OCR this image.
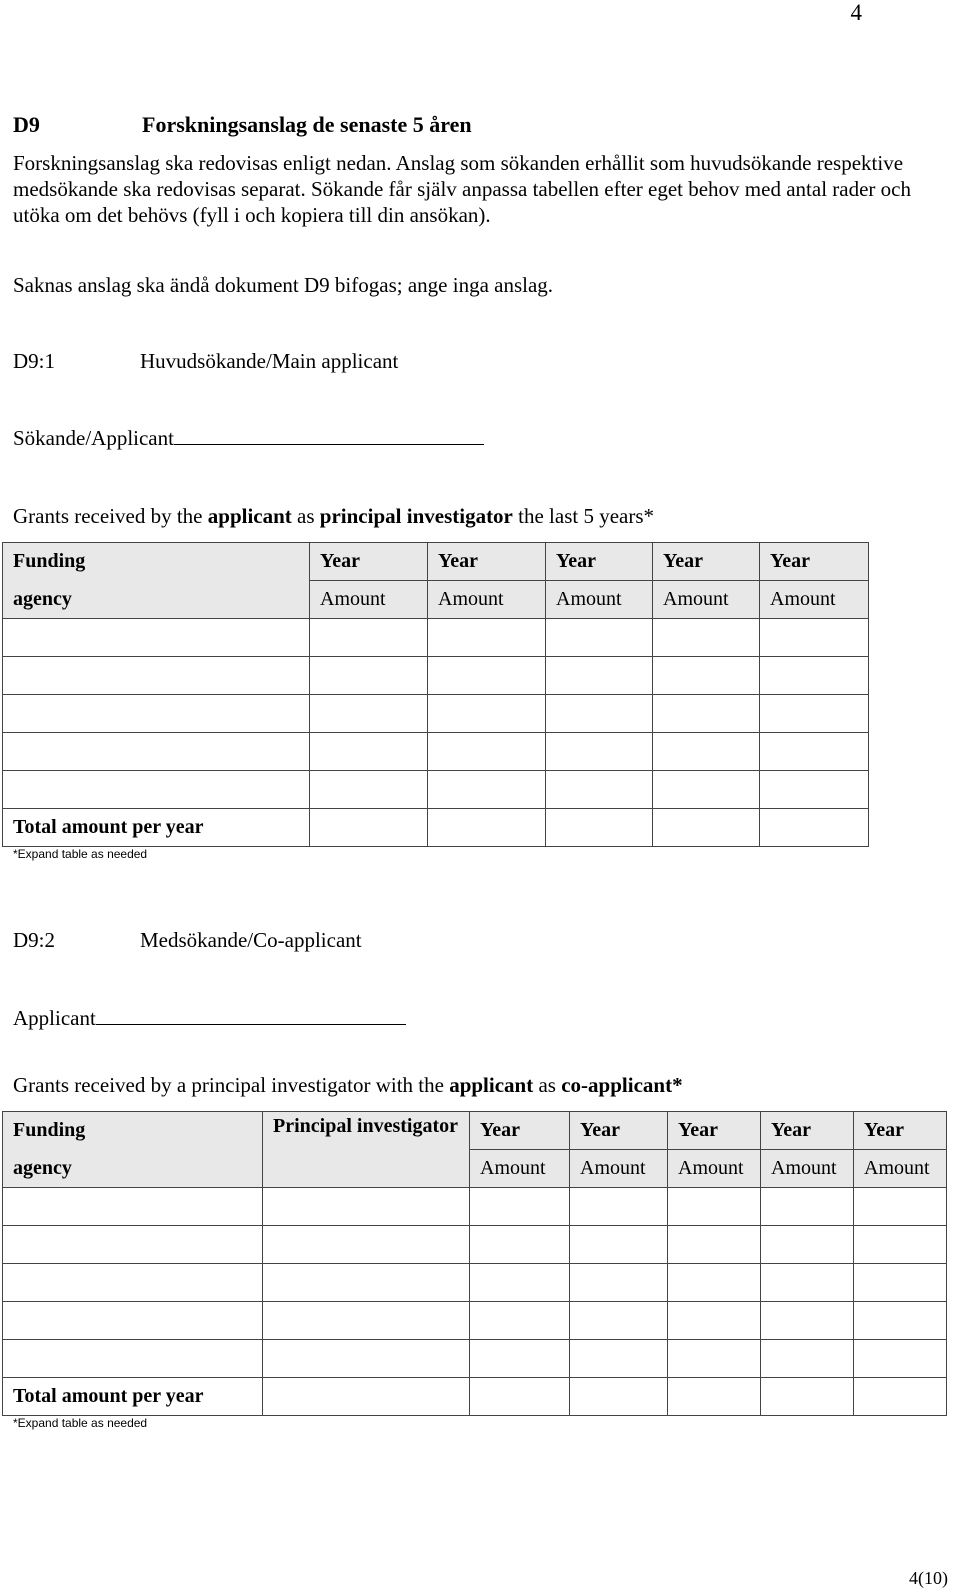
4
D9	Forskningsanslag de senaste 5 åren
Forskningsanslag ska redovisas enligt nedan. Anslag som sökanden erhållit som huvudsökande respektive medsökande ska redovisas separat. Sökande får själv anpassa tabellen efter eget behov med antal rader och utöka om det behövs (fyll i och kopiera till din ansökan).
Saknas anslag ska ändå dokument D9 bifogas; ange inga anslag.
D9:1	Huvudsökande/Main applicant
Sökande/Applicant
Grants received by the applicant as principal investigator the last 5 years*
Funding	Year	Year	Year	Year	Year
agency	Amount	Amount	Amount	Amount	Amount

Total amount per year					
*Expand table as needed
D9:2	Medsökande/Co-applicant
Applicant
Grants received by a principal investigator with the applicant as co-applicant*
Funding	Principal investigator	Year	Year	Year	Year	Year
agency		Amount	Amount	Amount	Amount	Amount

Total amount per year						
*Expand table as needed
4(10)
